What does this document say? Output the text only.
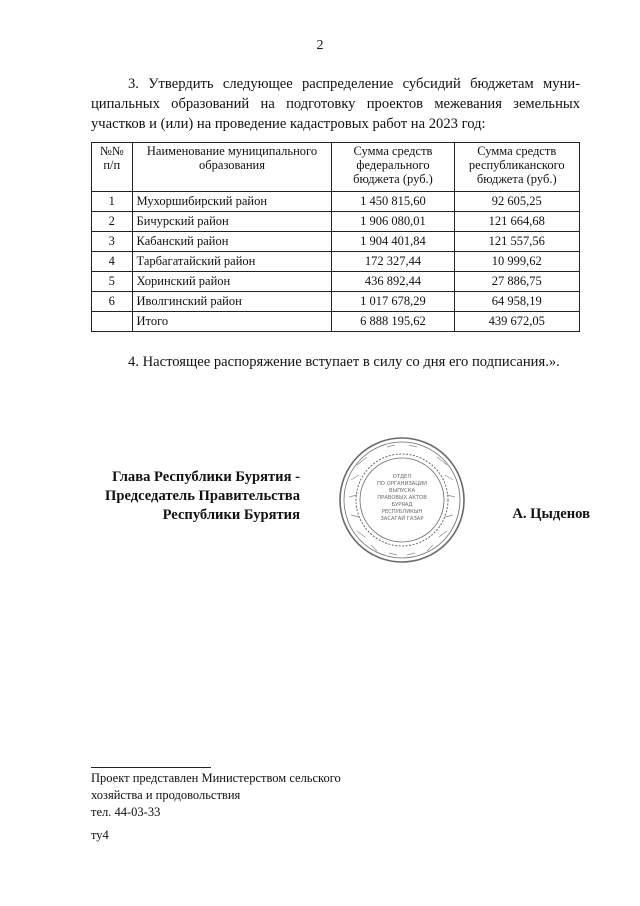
2

3. Утвердить следующее распределение субсидий бюджетам муни-ципальных образований на подготовку проектов межевания земельных участков и (или) на проведение кадастровых работ на 2023 год:

№№ п/п	Наименование муниципального образования	Сумма средств федерального бюджета (руб.)	Сумма средств республиканского бюджета (руб.)
1	Мухоршибирский район	1 450 815,60	92 605,25
2	Бичурский район	1 906 080,01	121 664,68
3	Кабанский район	1 904 401,84	121 557,56
4	Тарбагатайский район	172 327,44	10 999,62
5	Хоринский район	436 892,44	27 886,75
6	Иволгинский район	1 017 678,29	64 958,19
	Итого	6 888 195,62	439 672,05

4. Настоящее распоряжение вступает в силу со дня его подписания.».

Глава Республики Бурятия -
Председатель Правительства
Республики Бурятия
ОТДЕЛ
ПО ОРГАНИЗАЦИИ
ВЫПУСКА
ПРАВОВЫХ АКТОВ
БУРЯАД
РЕСПУБЛИКЫН
ЗАСАГАЙ ГАЗАР	А. Цыденов
Проект представлен Министерством сельского
хозяйства и продовольствия
тел. 44-03-33
ту4
